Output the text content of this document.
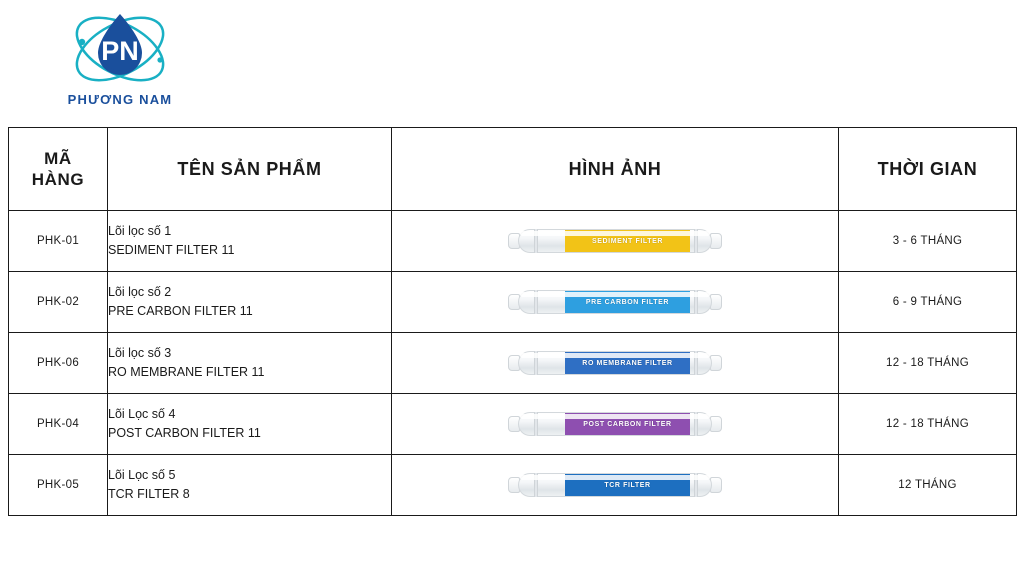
PN
PHƯƠNG NAM
MÃ
HÀNG	TÊN SẢN PHẨM	HÌNH ẢNH	THỜI GIAN
PHK-01	Lõi lọc số 1
SEDIMENT FILTER 11	SEDIMENT FILTER	3 - 6 THÁNG
PHK-02	Lõi lọc số 2
PRE CARBON FILTER 11	PRE CARBON FILTER	6 - 9 THÁNG
PHK-06	Lõi lọc số 3
RO MEMBRANE FILTER 11	RO MEMBRANE FILTER	12 - 18 THÁNG
PHK-04	Lõi Lọc số 4
POST CARBON FILTER 11	POST CARBON FILTER	12 - 18 THÁNG
PHK-05	Lõi Lọc số 5
TCR FILTER 8	TCR FILTER	12 THÁNG
